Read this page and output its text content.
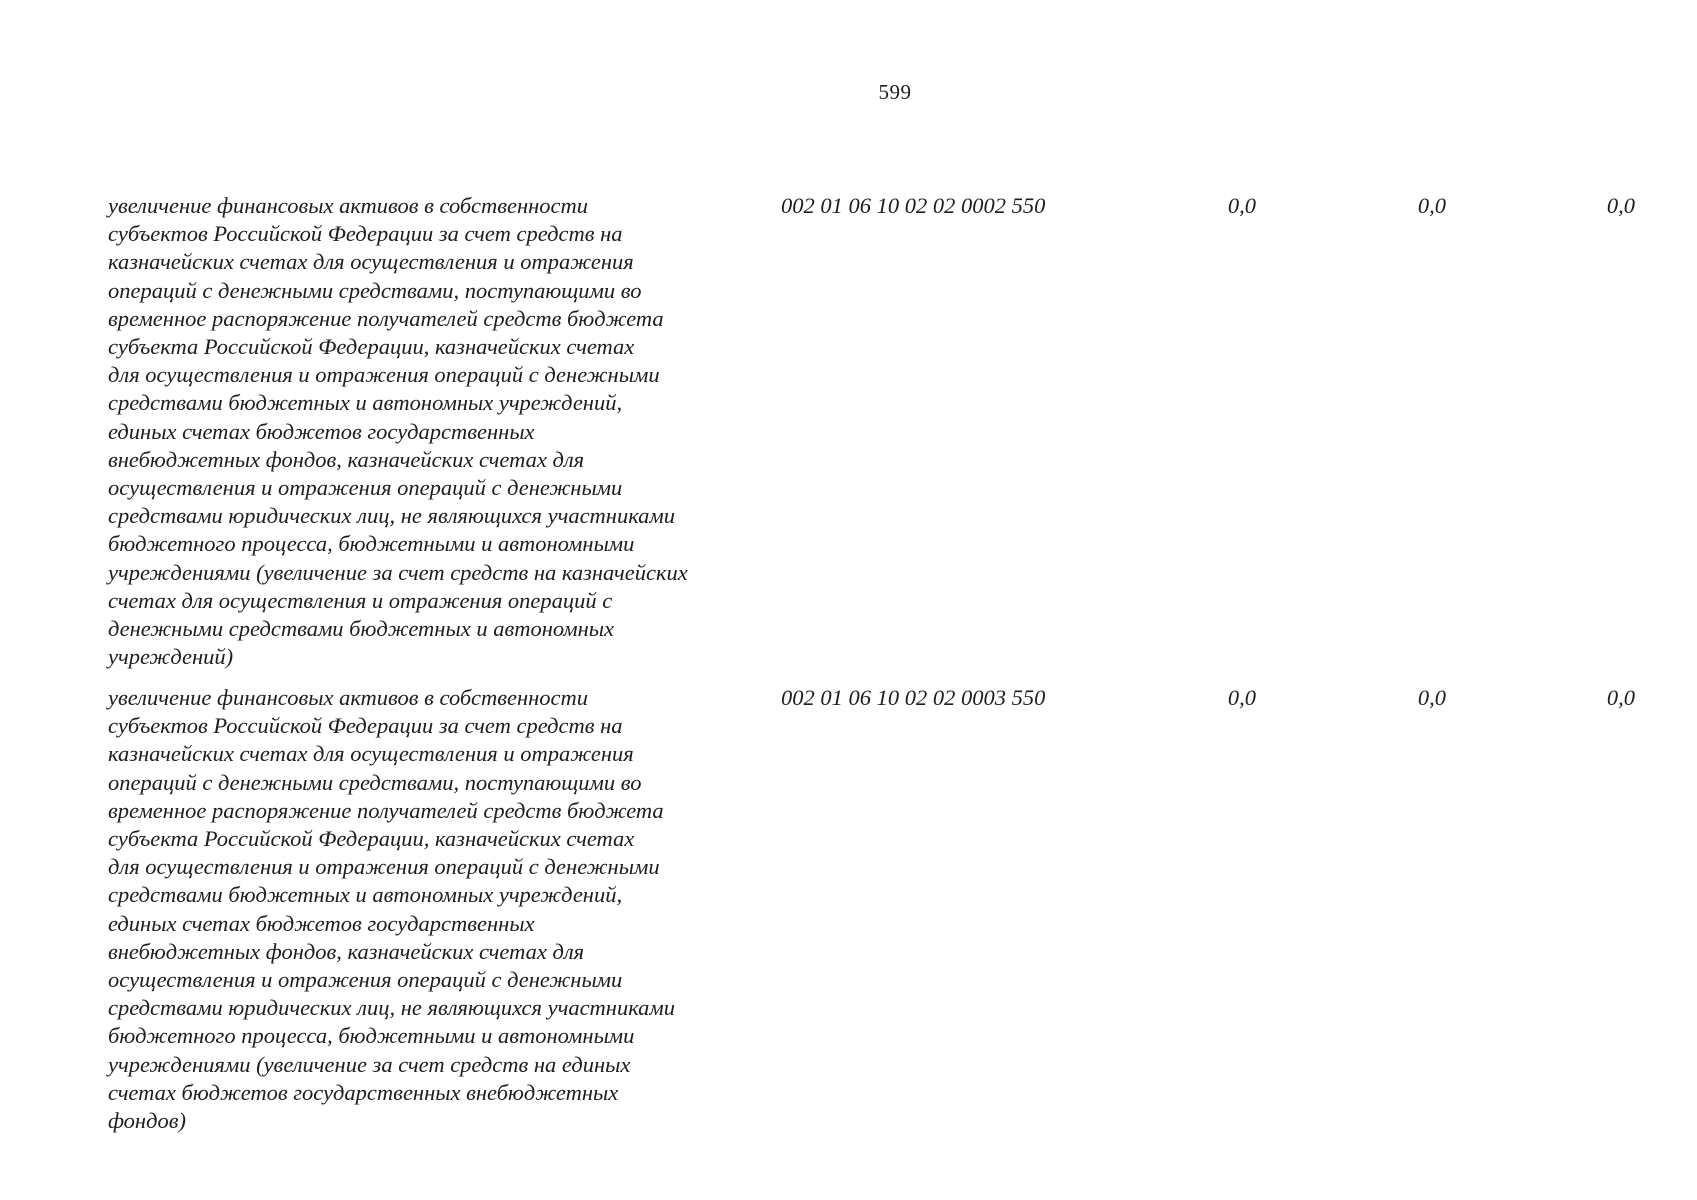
599
увеличение финансовых активов в собственности
субъектов Российской Федерации за счет средств на
казначейских счетах для осуществления и отражения
операций с денежными средствами, поступающими во
временное распоряжение получателей средств бюджета
субъекта Российской Федерации, казначейских счетах
для осуществления и отражения операций с денежными
средствами бюджетных и автономных учреждений,
единых счетах бюджетов государственных
внебюджетных фондов, казначейских счетах для
осуществления и отражения операций с денежными
средствами юридических лиц, не являющихся участниками
бюджетного процесса, бюджетными и автономными
учреждениями (увеличение за счет средств на казначейских
счетах для осуществления и отражения операций с
денежными средствами бюджетных и автономных
учреждений)
002 01 06 10 02 02 0002 550	0,0	0,0	0,0
увеличение финансовых активов в собственности
субъектов Российской Федерации за счет средств на
казначейских счетах для осуществления и отражения
операций с денежными средствами, поступающими во
временное распоряжение получателей средств бюджета
субъекта Российской Федерации, казначейских счетах
для осуществления и отражения операций с денежными
средствами бюджетных и автономных учреждений,
единых счетах бюджетов государственных
внебюджетных фондов, казначейских счетах для
осуществления и отражения операций с денежными
средствами юридических лиц, не являющихся участниками
бюджетного процесса, бюджетными и автономными
учреждениями (увеличение за счет средств на единых
счетах бюджетов государственных внебюджетных
фондов)
002 01 06 10 02 02 0003 550	0,0	0,0	0,0
